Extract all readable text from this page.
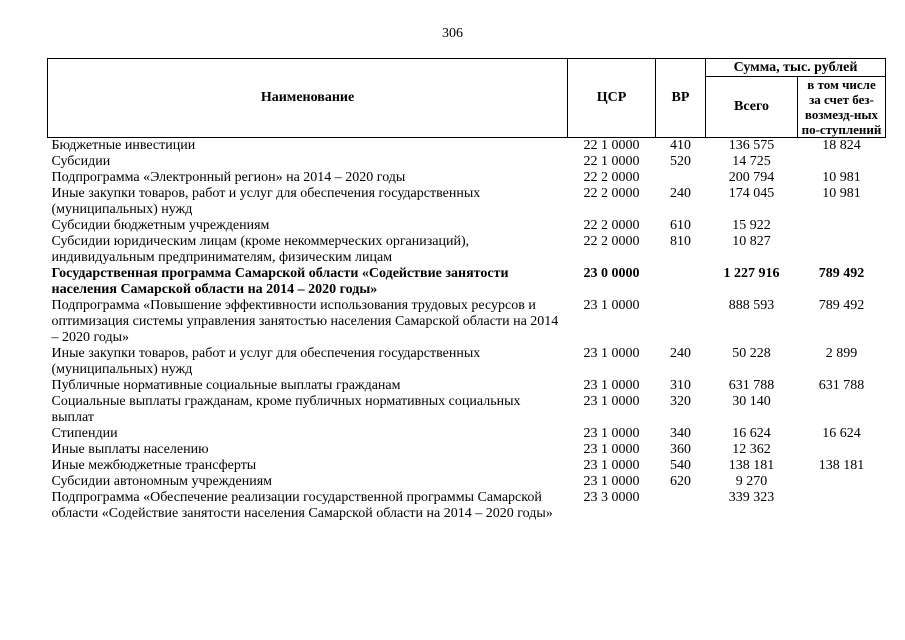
306
Наименование	ЦСР	ВР	Сумма, тыс. рублей	
			Всего	в том числе за счет без-возмезд-ных по-ступлений
Бюджетные инвестиции	22 1 0000	410	136 575	18 824
Субсидии	22 1 0000	520	14 725	
Подпрограмма «Электронный регион» на 2014 – 2020 годы	22 2 0000		200 794	10 981
Иные закупки товаров, работ и услуг для обеспечения государственных (муниципальных) нужд	22 2 0000	240	174 045	10 981
Субсидии бюджетным учреждениям	22 2 0000	610	15 922	
Субсидии юридическим лицам (кроме некоммерческих организаций), индивидуальным предпринимателям, физическим лицам	22 2 0000	810	10 827	
Государственная программа Самарской области «Содействие занятости населения Самарской области на 2014 – 2020 годы»	23 0 0000		1 227 916	789 492
Подпрограмма «Повышение эффективности использования трудовых ресурсов и оптимизация системы управления занятостью населения Самарской области на 2014 – 2020 годы»	23 1 0000		888 593	789 492
Иные закупки товаров, работ и услуг для обеспечения государственных (муниципальных) нужд	23 1 0000	240	50 228	2 899
Публичные нормативные социальные выплаты гражданам	23 1 0000	310	631 788	631 788
Социальные выплаты гражданам, кроме публичных нормативных социальных выплат	23 1 0000	320	30 140	
Стипендии	23 1 0000	340	16 624	16 624
Иные выплаты населению	23 1 0000	360	12 362	
Иные межбюджетные трансферты	23 1 0000	540	138 181	138 181
Субсидии автономным учреждениям	23 1 0000	620	9 270	
Подпрограмма «Обеспечение реализации государственной программы Самарской области «Содействие занятости населения Самарской области на 2014 – 2020 годы»	23 3 0000		339 323	
